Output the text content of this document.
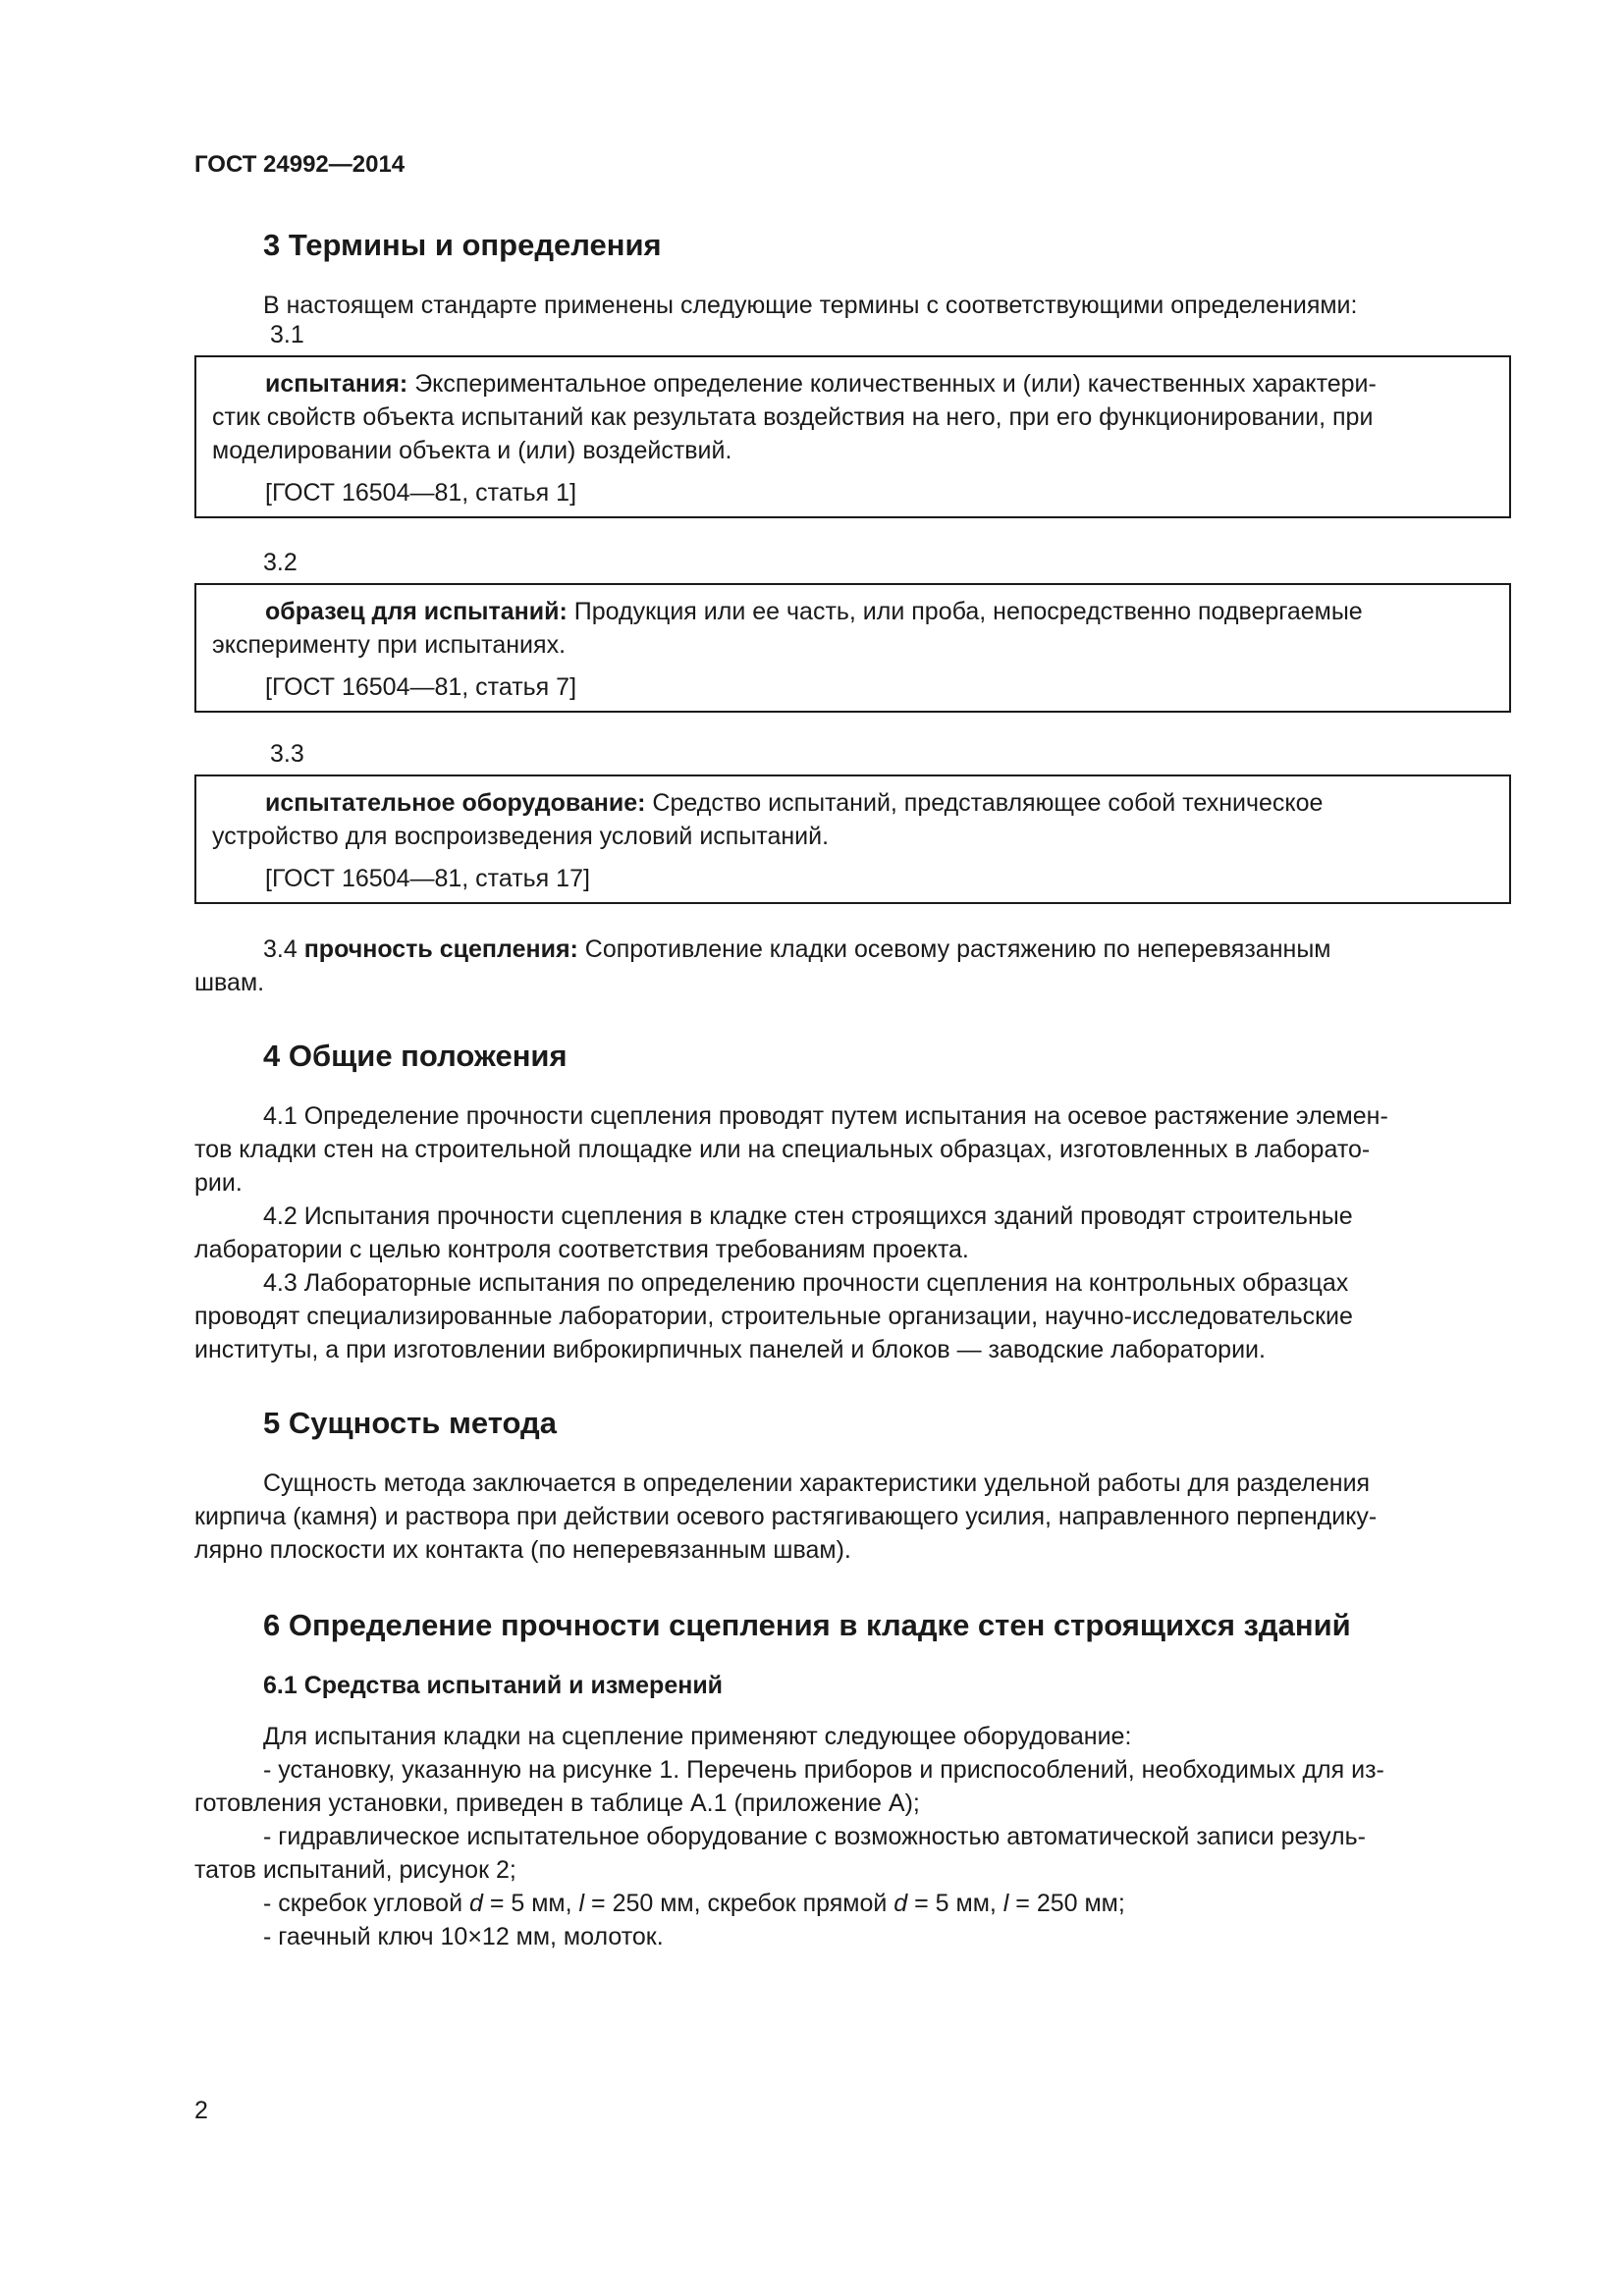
ГОСТ 24992—2014
3 Термины и определения
В настоящем стандарте применены следующие термины с соответствующими определениями:
3.1

испытания: Экспериментальное определение количественных и (или) качественных характери-

стик свойств объекта испытаний как результата воздействия на него, при его функционировании, при

моделировании объекта и (или) воздействий.

[ГОСТ 16504—81, статья 1]

3.2

образец для испытаний: Продукция или ее часть, или проба, непосредственно подвергаемые

эксперименту при испытаниях.

[ГОСТ 16504—81, статья 7]

3.3

испытательное оборудование: Средство испытаний, представляющее собой техническое

устройство для воспроизведения условий испытаний.

[ГОСТ 16504—81, статья 17]

3.4 прочность сцепления: Сопротивление кладки осевому растяжению по неперевязанным
швам.
4 Общие положения
4.1 Определение прочности сцепления проводят путем испытания на осевое растяжение элемен-
тов кладки стен на строительной площадке или на специальных образцах, изготовленных в лаборато-
рии.
4.2 Испытания прочности сцепления в кладке стен строящихся зданий проводят строительные
лаборатории с целью контроля соответствия требованиям проекта.
4.3 Лабораторные испытания по определению прочности сцепления на контрольных образцах
проводят специализированные лаборатории, строительные организации, научно-исследовательские
институты, а при изготовлении виброкирпичных панелей и блоков — заводские лаборатории.
5 Сущность метода
Сущность метода заключается в определении характеристики удельной работы для разделения
кирпича (камня) и раствора при действии осевого растягивающего усилия, направленного перпендику-
лярно плоскости их контакта (по неперевязанным швам).
6 Определение прочности сцепления в кладке стен строящихся зданий
6.1 Средства испытаний и измерений
Для испытания кладки на сцепление применяют следующее оборудование:
- установку, указанную на рисунке 1. Перечень приборов и приспособлений, необходимых для из-
готовления установки, приведен в таблице А.1 (приложение А);
- гидравлическое испытательное оборудование с возможностью автоматической записи резуль-
татов испытаний, рисунок 2;
- скребок угловой d = 5 мм, l = 250 мм, скребок прямой d = 5 мм, l = 250 мм;
- гаечный ключ 10×12 мм, молоток.
2
